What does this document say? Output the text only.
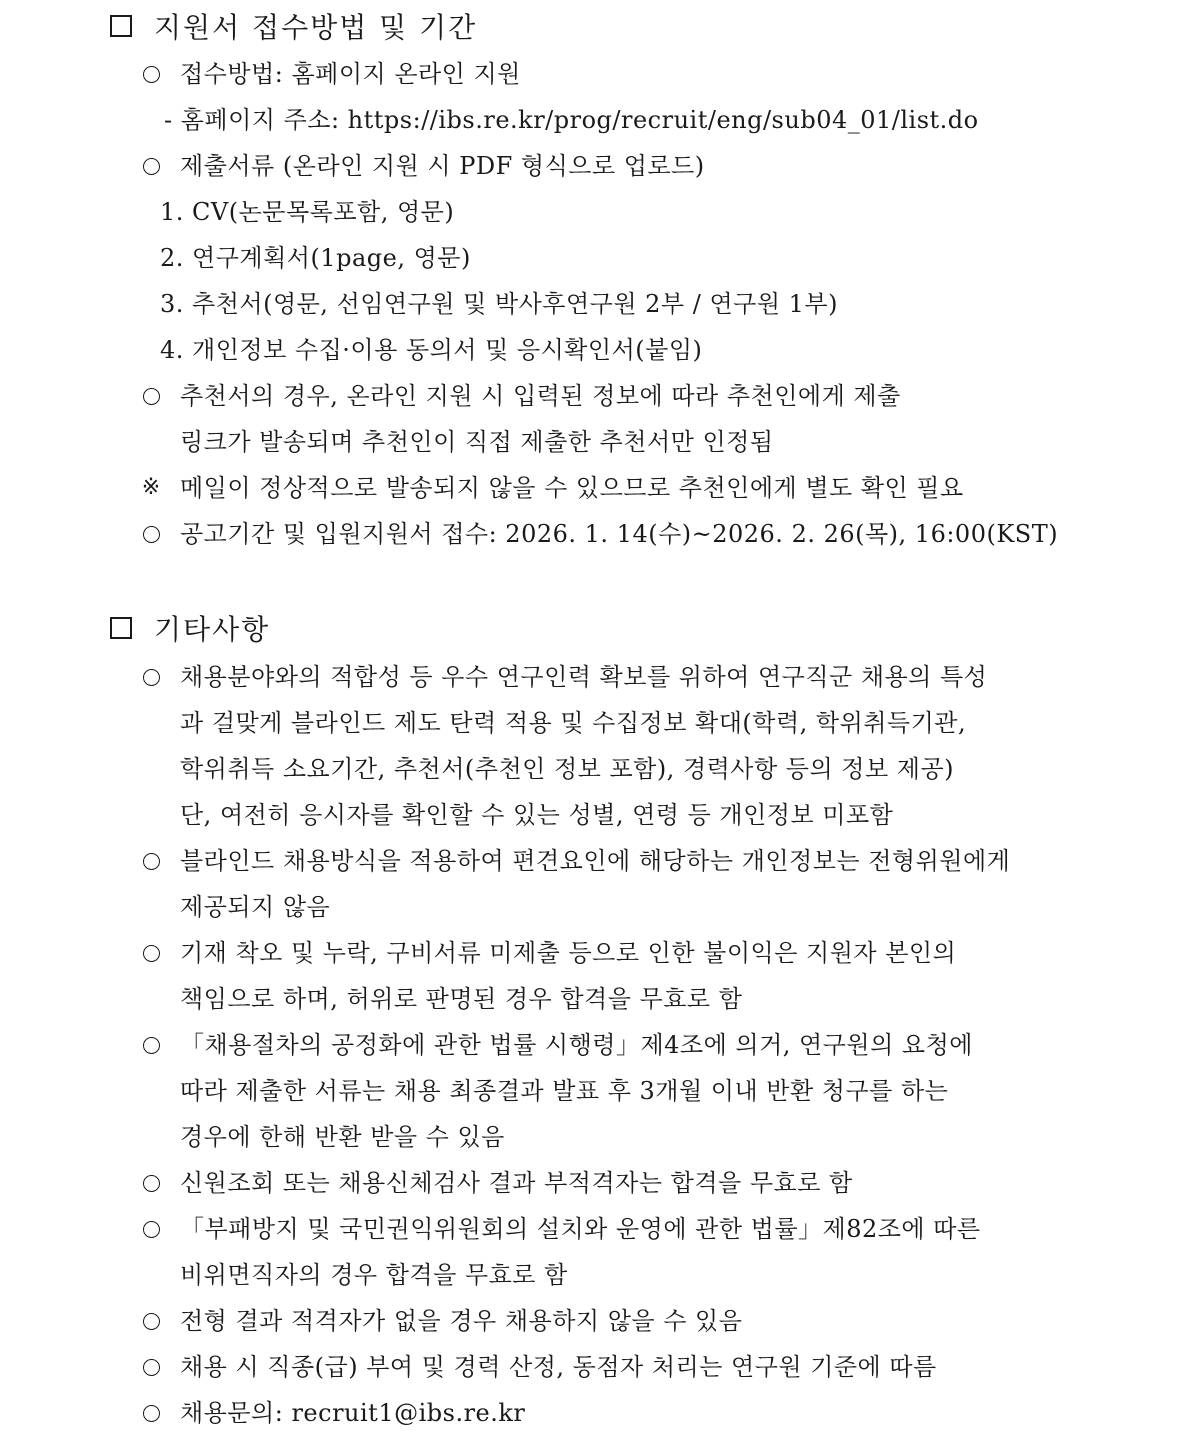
지원서 접수방법 및 기간
접수방법: 홈페이지 온라인 지원
- 홈페이지 주소: https://ibs.re.kr/prog/recruit/eng/sub04_01/list.do
제출서류 (온라인 지원 시 PDF 형식으로 업로드)
1. CV(논문목록포함, 영문)
2. 연구계획서(1page, 영문)
3. 추천서(영문, 선임연구원 및 박사후연구원 2부 / 연구원 1부)
4. 개인정보 수집·이용 동의서 및 응시확인서(붙임)
추천서의 경우, 온라인 지원 시 입력된 정보에 따라 추천인에게 제출
링크가 발송되며 추천인이 직접 제출한 추천서만 인정됨
※ 메일이 정상적으로 발송되지 않을 수 있으므로 추천인에게 별도 확인 필요
공고기간 및 입원지원서 접수: 2026. 1. 14(수)~2026. 2. 26(목), 16:00(KST)
기타사항
채용분야와의 적합성 등 우수 연구인력 확보를 위하여 연구직군 채용의 특성
과 걸맞게 블라인드 제도 탄력 적용 및 수집정보 확대(학력, 학위취득기관,
학위취득 소요기간, 추천서(추천인 정보 포함), 경력사항 등의 정보 제공)
단, 여전히 응시자를 확인할 수 있는 성별, 연령 등 개인정보 미포함
블라인드 채용방식을 적용하여 편견요인에 해당하는 개인정보는 전형위원에게
제공되지 않음
기재 착오 및 누락, 구비서류 미제출 등으로 인한 불이익은 지원자 본인의
책임으로 하며, 허위로 판명된 경우 합격을 무효로 함
「채용절차의 공정화에 관한 법률 시행령」제4조에 의거, 연구원의 요청에
따라 제출한 서류는 채용 최종결과 발표 후 3개월 이내 반환 청구를 하는
경우에 한해 반환 받을 수 있음
신원조회 또는 채용신체검사 결과 부적격자는 합격을 무효로 함
「부패방지 및 국민권익위원회의 설치와 운영에 관한 법률」제82조에 따른
비위면직자의 경우 합격을 무효로 함
전형 결과 적격자가 없을 경우 채용하지 않을 수 있음
채용 시 직종(급) 부여 및 경력 산정, 동점자 처리는 연구원 기준에 따름
채용문의: recruit1@ibs.re.kr
